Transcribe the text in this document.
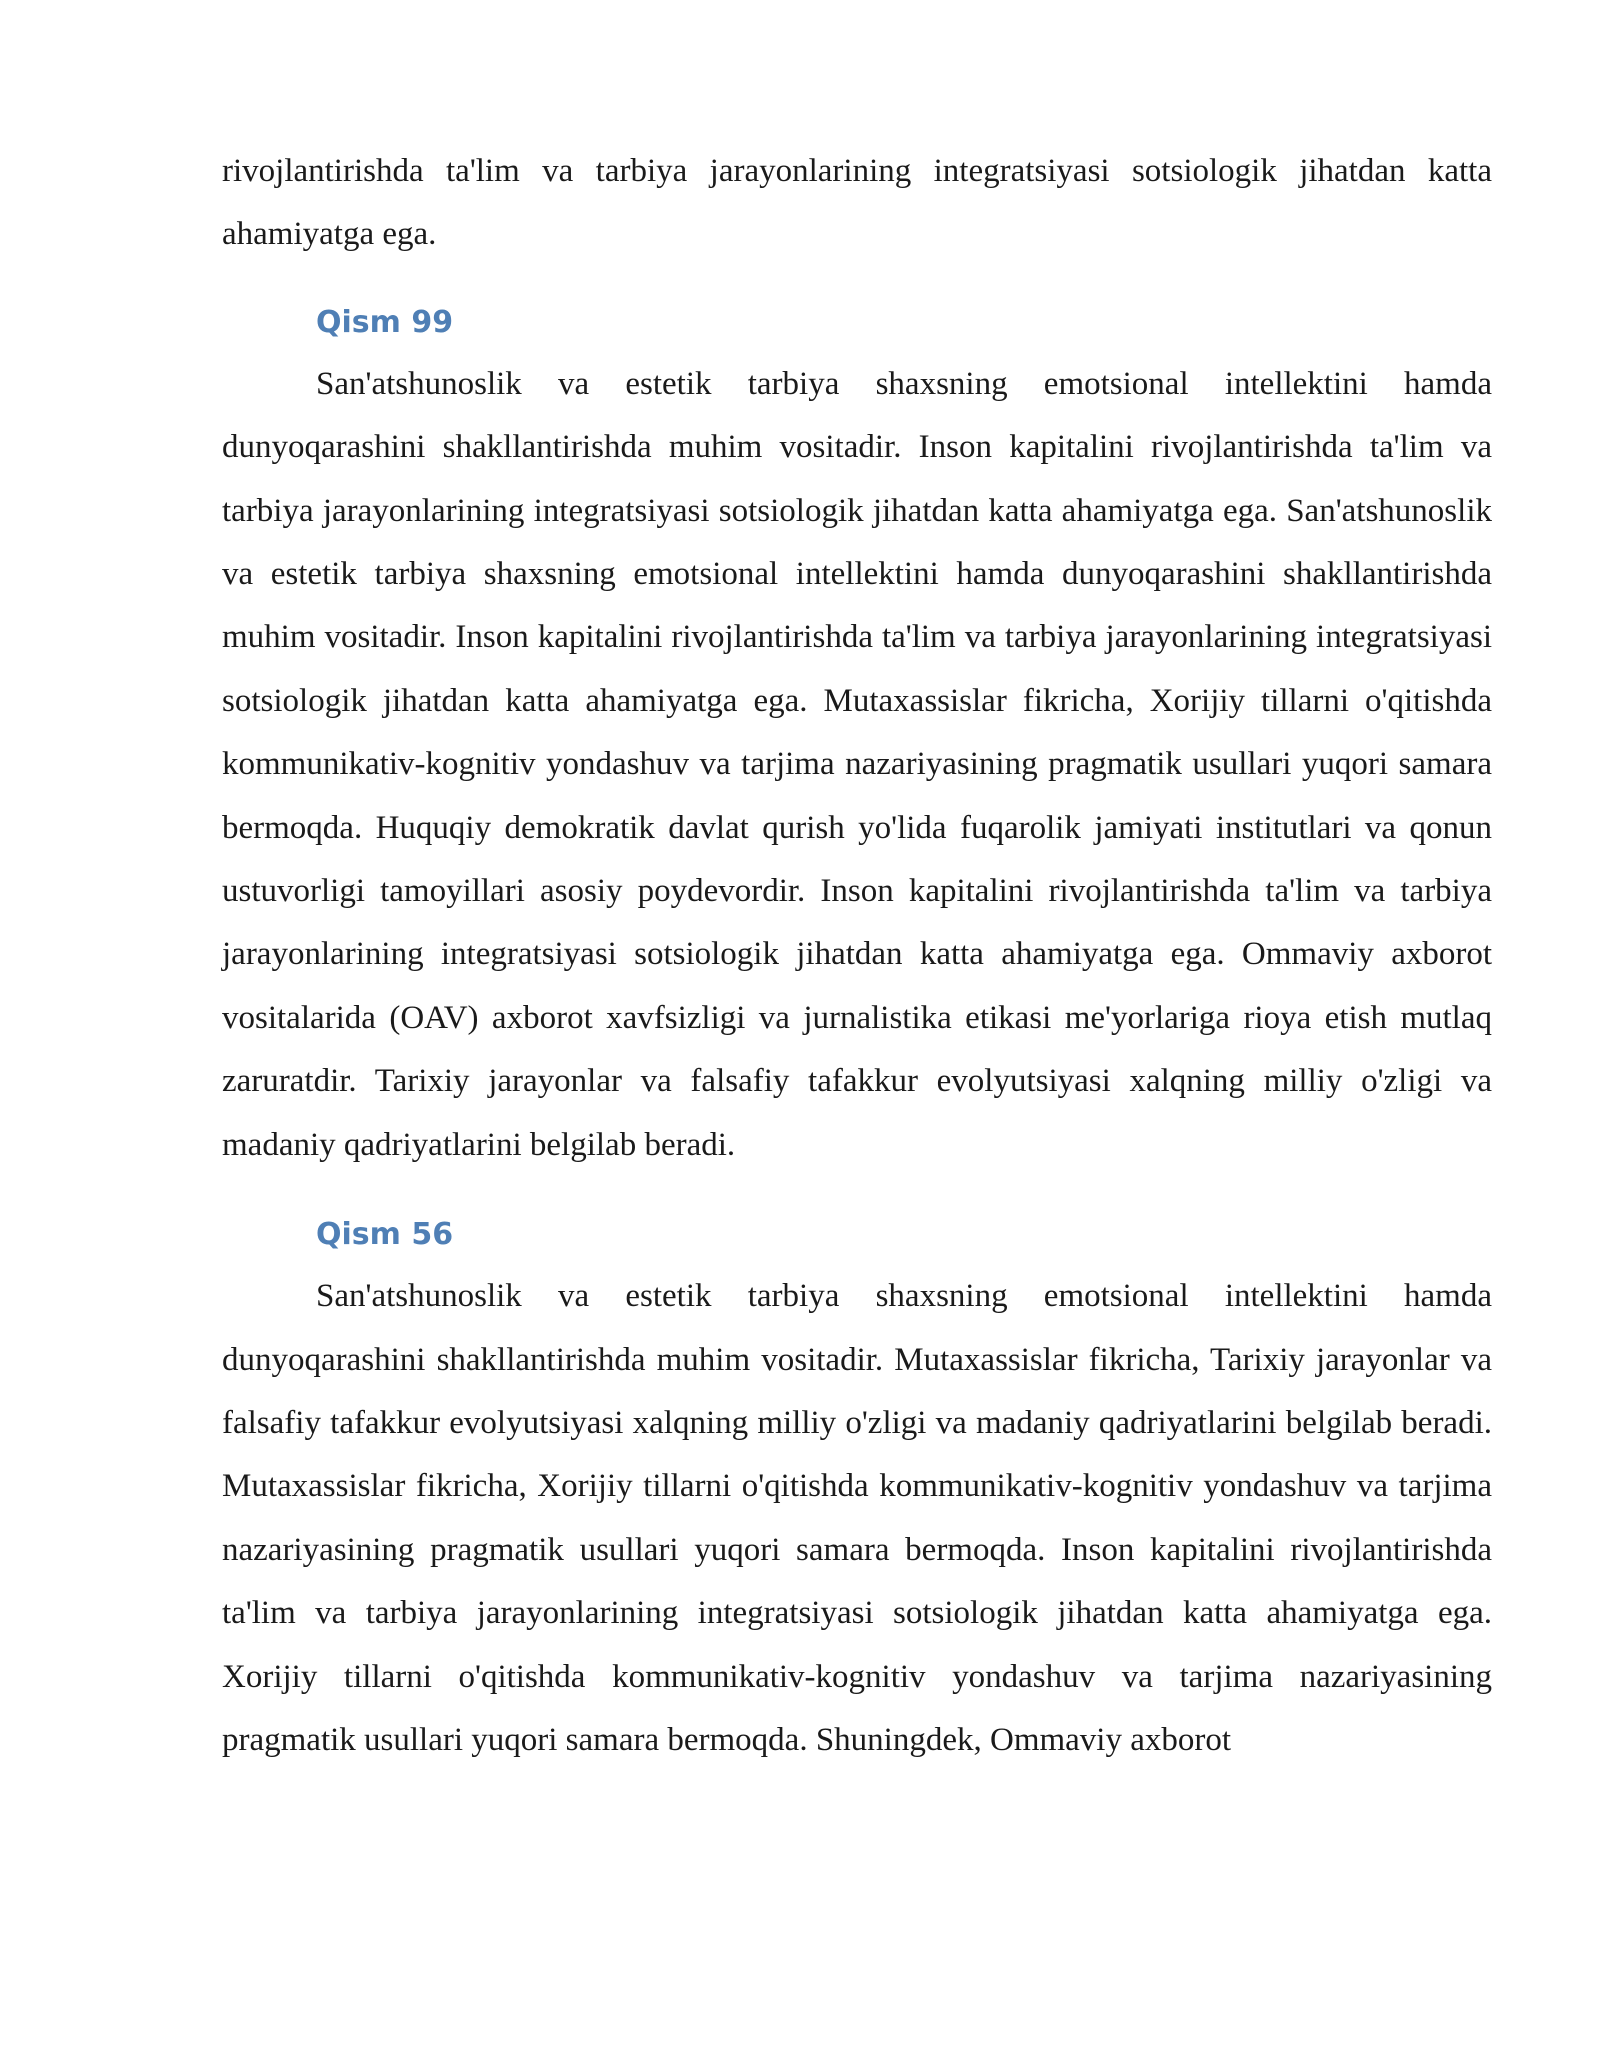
rivojlantirishda ta'lim va tarbiya jarayonlarining integratsiyasi sotsiologik jihatdan katta ahamiyatga ega.

Qism 99

San'atshunoslik va estetik tarbiya shaxsning emotsional intellektini hamda dunyoqarashini shakllantirishda muhim vositadir. Inson kapitalini rivojlantirishda ta'lim va tarbiya jarayonlarining integratsiyasi sotsiologik jihatdan katta ahamiyatga ega. San'atshunoslik va estetik tarbiya shaxsning emotsional intellektini hamda dunyoqarashini shakllantirishda muhim vositadir. Inson kapitalini rivojlantirishda ta'lim va tarbiya jarayonlarining integratsiyasi sotsiologik jihatdan katta ahamiyatga ega. Mutaxassislar fikricha, Xorijiy tillarni o'qitishda kommunikativ-kognitiv yondashuv va tarjima nazariyasining pragmatik usullari yuqori samara bermoqda. Huquqiy demokratik davlat qurish yo'lida fuqarolik jamiyati institutlari va qonun ustuvorligi tamoyillari asosiy poydevordir. Inson kapitalini rivojlantirishda ta'lim va tarbiya jarayonlarining integratsiyasi sotsiologik jihatdan katta ahamiyatga ega. Ommaviy axborot vositalarida (OAV) axborot xavfsizligi va jurnalistika etikasi me'yorlariga rioya etish mutlaq zaruratdir. Tarixiy jarayonlar va falsafiy tafakkur evolyutsiyasi xalqning milliy o'zligi va madaniy qadriyatlarini belgilab beradi.

Qism 56

San'atshunoslik va estetik tarbiya shaxsning emotsional intellektini hamda dunyoqarashini shakllantirishda muhim vositadir. Mutaxassislar fikricha, Tarixiy jarayonlar va falsafiy tafakkur evolyutsiyasi xalqning milliy o'zligi va madaniy qadriyatlarini belgilab beradi. Mutaxassislar fikricha, Xorijiy tillarni o'qitishda kommunikativ-kognitiv yondashuv va tarjima nazariyasining pragmatik usullari yuqori samara bermoqda. Inson kapitalini rivojlantirishda ta'lim va tarbiya jarayonlarining integratsiyasi sotsiologik jihatdan katta ahamiyatga ega. Xorijiy tillarni o'qitishda kommunikativ-kognitiv yondashuv va tarjima nazariyasining pragmatik usullari yuqori samara bermoqda. Shuningdek, Ommaviy axborot
